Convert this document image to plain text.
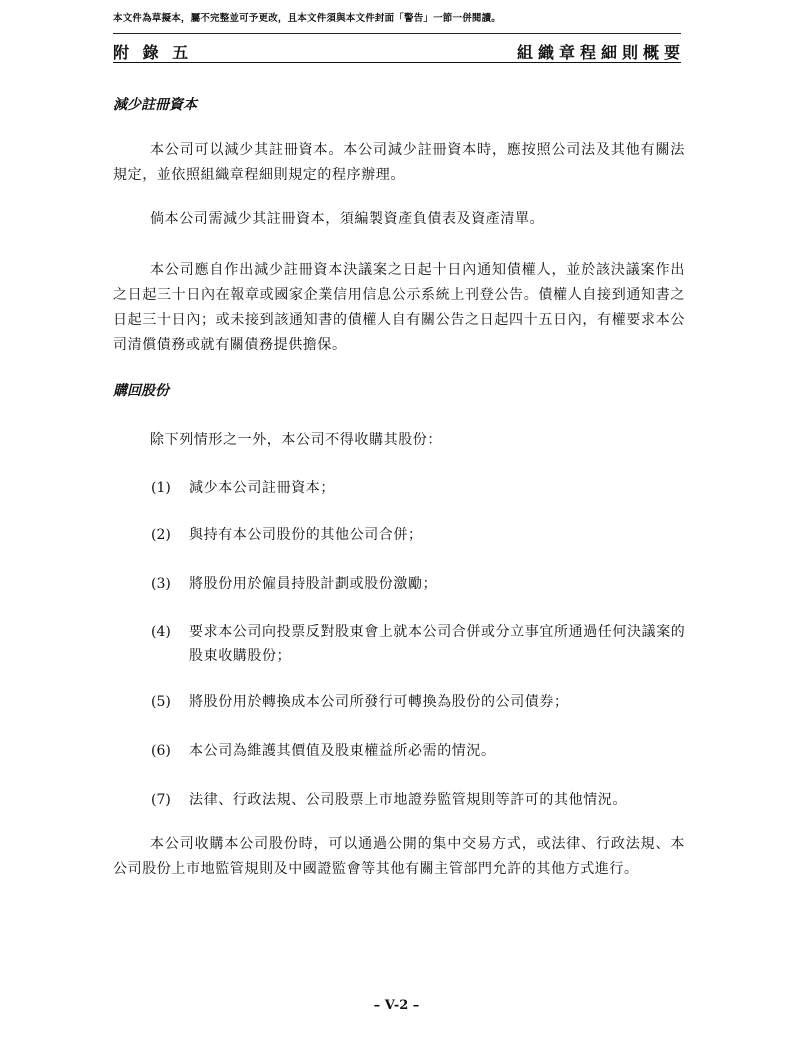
本文件為草擬本，屬不完整並可予更改，且本文件須與本文件封面「警告」一節一併閱讀。
附 錄 五	組織章程細則概要
減少註冊資本
本公司可以減少其註冊資本。本公司減少註冊資本時，應按照公司法及其他有關法規定，並依照組織章程細則規定的程序辦理。
倘本公司需減少其註冊資本，須編製資產負債表及資產清單。
本公司應自作出減少註冊資本決議案之日起十日內通知債權人，並於該決議案作出之日起三十日內在報章或國家企業信用信息公示系統上刊登公告。債權人自接到通知書之日起三十日內；或未接到該通知書的債權人自有關公告之日起四十五日內，有權要求本公司清償債務或就有關債務提供擔保。
購回股份
除下列情形之一外，本公司不得收購其股份：
(1) 減少本公司註冊資本；
(2) 與持有本公司股份的其他公司合併；
(3) 將股份用於僱員持股計劃或股份激勵；
(4) 要求本公司向投票反對股東會上就本公司合併或分立事宜所通過任何決議案的股東收購股份；
(5) 將股份用於轉換成本公司所發行可轉換為股份的公司債券；
(6) 本公司為維護其價值及股東權益所必需的情況。
(7) 法律、行政法規、公司股票上市地證券監管規則等許可的其他情況。
本公司收購本公司股份時，可以通過公開的集中交易方式，或法律、行政法規、本公司股份上市地監管規則及中國證監會等其他有關主管部門允許的其他方式進行。
– V-2 –
